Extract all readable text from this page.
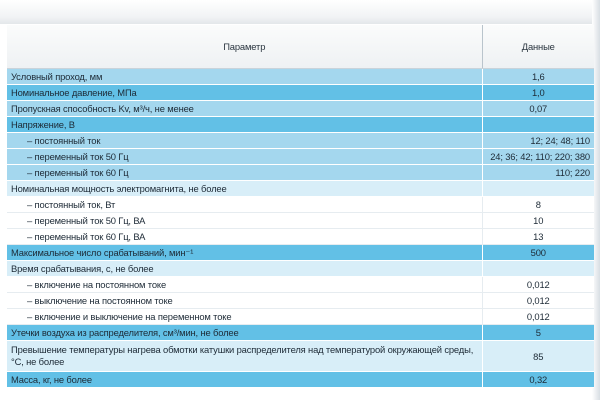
Параметр	Данные
Условный проход, мм	1,6
Номинальное давление, МПа	1,0
Пропускная способность Kv, м³/ч, не менее	0,07
Напряжение, В	
– постоянный ток	12; 24; 48; 110
– переменный ток 50 Гц	24; 36; 42; 110; 220; 380
– переменный ток 60 Гц	110; 220
Номинальная мощность электромагнита, не более	
– постоянный ток, Вт	8
– переменный ток 50 Гц, ВА	10
– переменный ток 60 Гц, ВА	13
Максимальное число срабатываний, мин⁻¹	500
Время срабатывания, с, не более	
– включение на постоянном токе	0,012
– выключение на постоянном токе	0,012
– включение и выключение на переменном токе	0,012
Утечки воздуха из распределителя, см³/мин, не более	5
Превышение температуры нагрева обмотки катушки распределителя над температурой окружающей среды, °С, не более	85
Масса, кг, не более	0,32
